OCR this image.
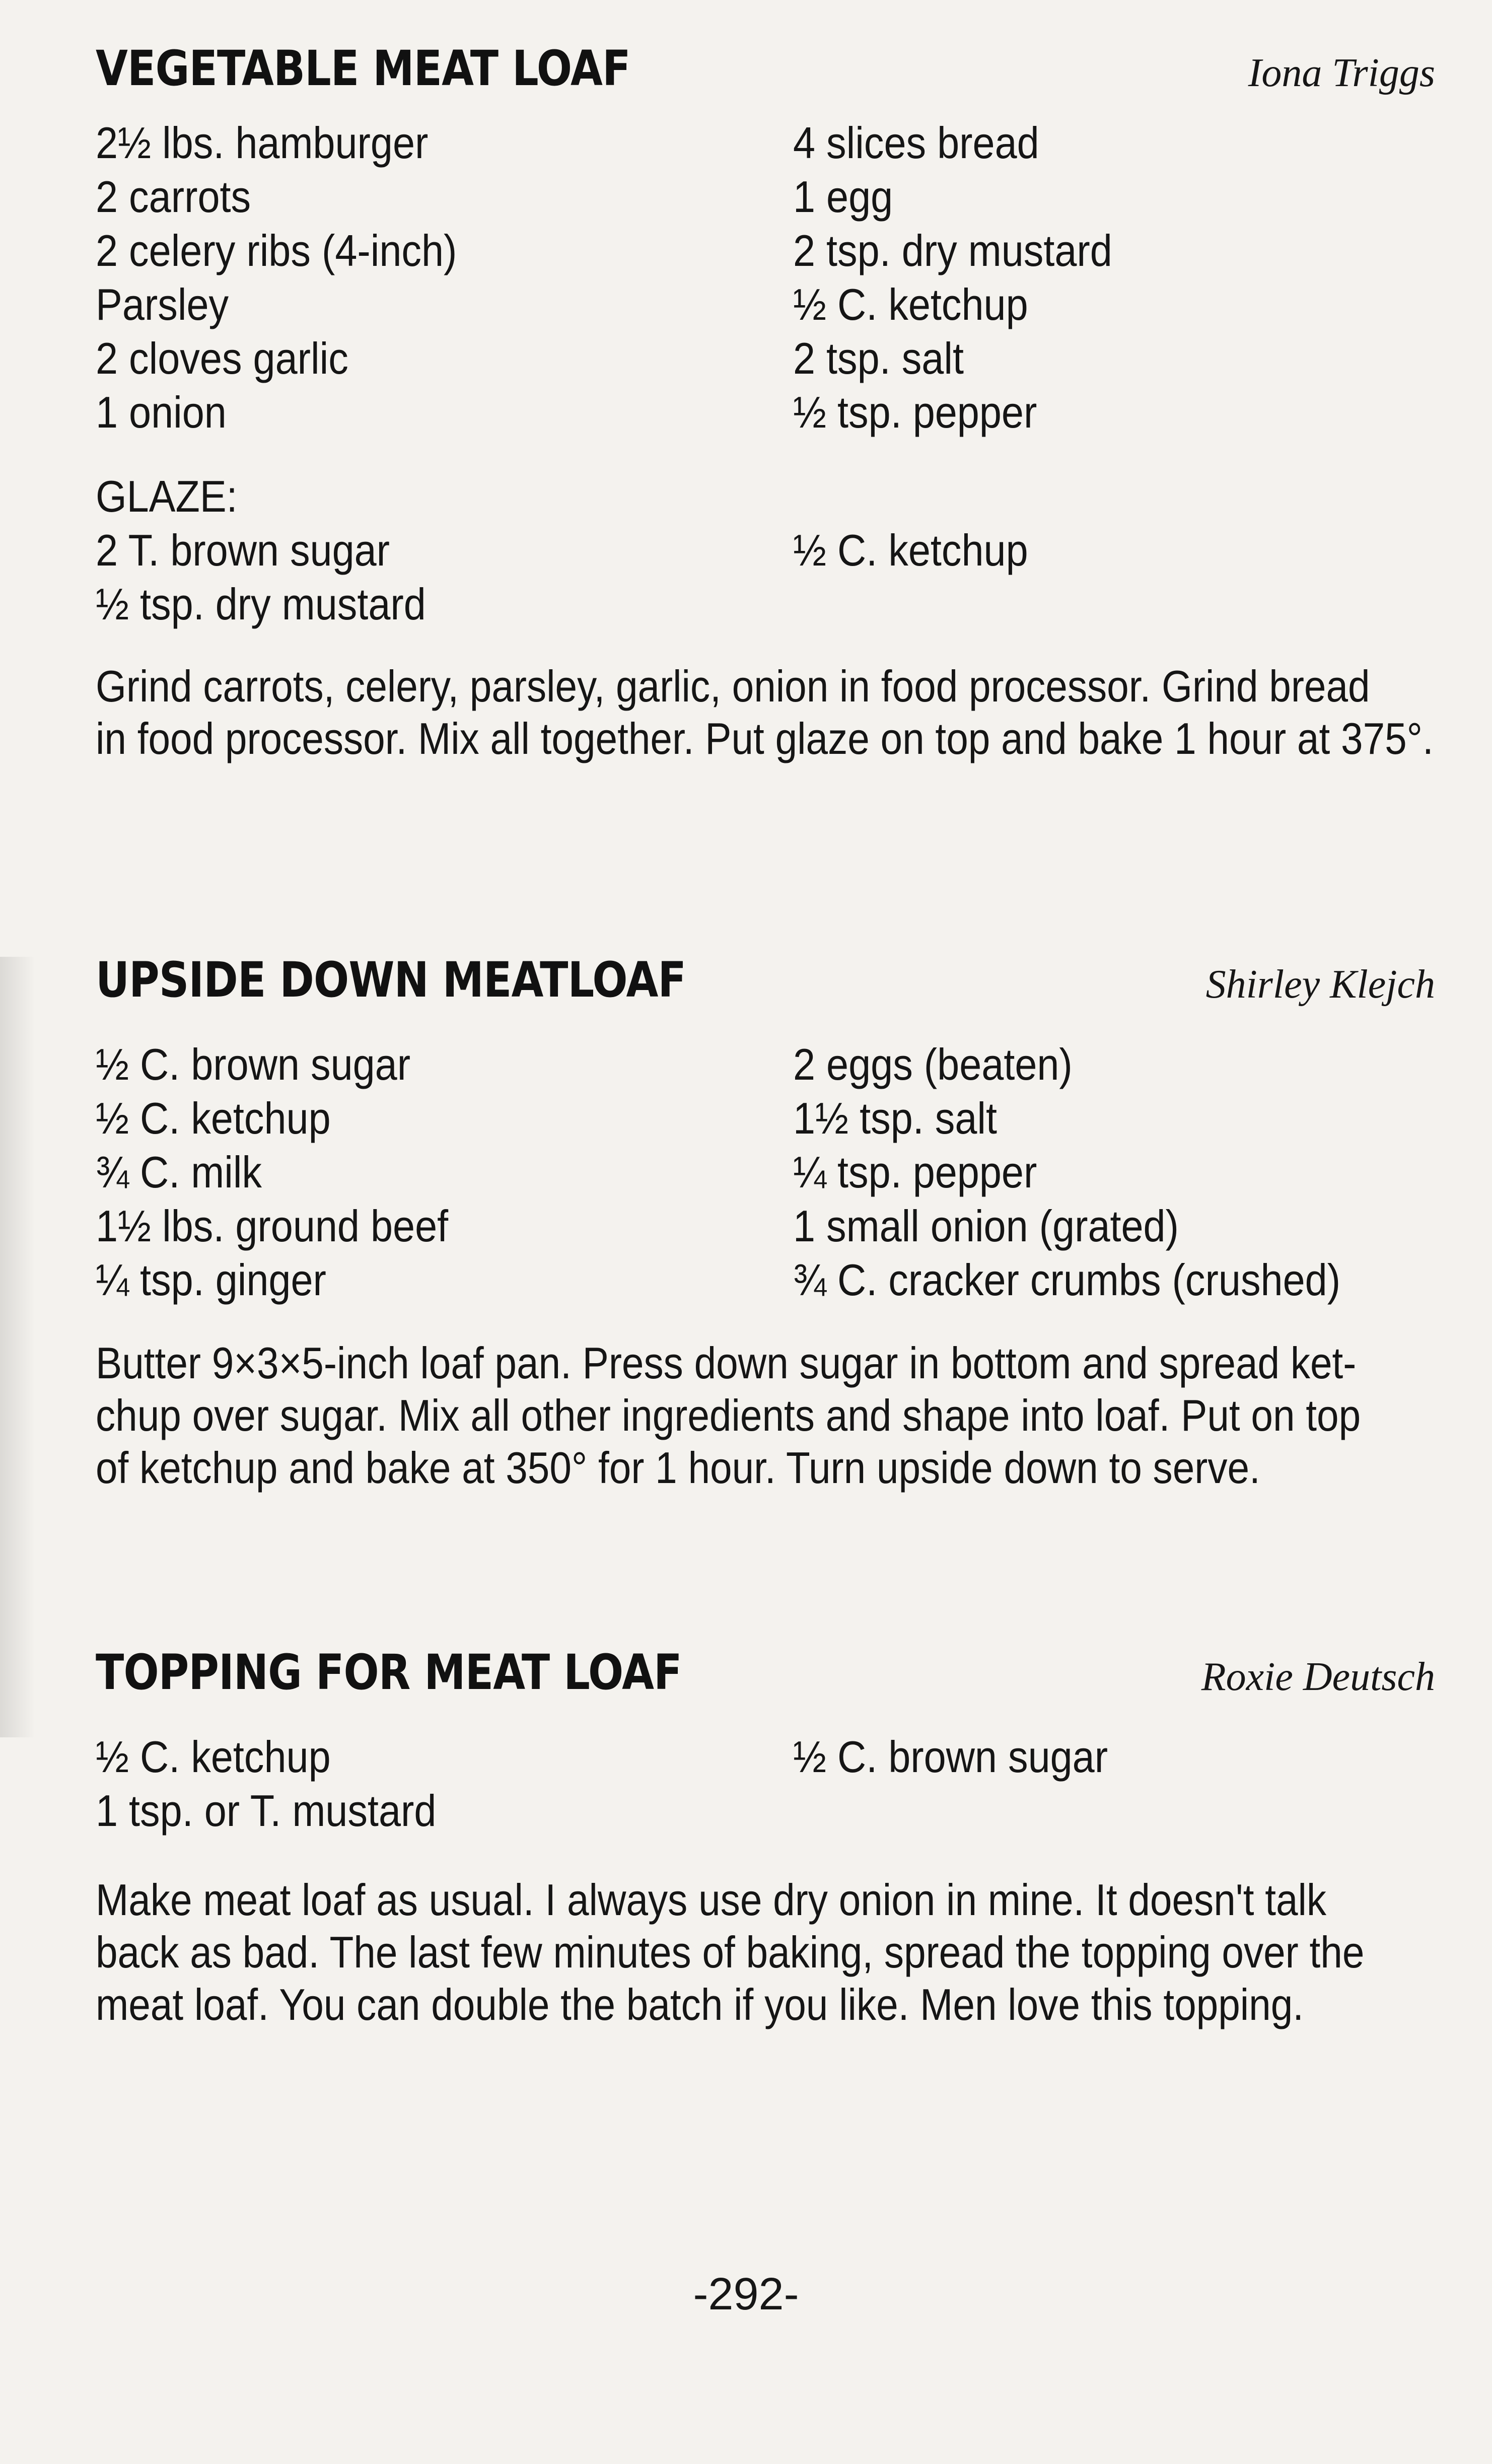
VEGETABLE MEAT LOAF	Iona Triggs
2½ lbs. hamburger
2 carrots
2 celery ribs (4-inch)
Parsley
2 cloves garlic
1 onion
4 slices bread
1 egg
2 tsp. dry mustard
½ C. ketchup
2 tsp. salt
½ tsp. pepper
GLAZE:
2 T. brown sugar
½ tsp. dry mustard
½ C. ketchup
Grind carrots, celery, parsley, garlic, onion in food processor. Grind bread
in food processor. Mix all together. Put glaze on top and bake 1 hour at 375°.
UPSIDE DOWN MEATLOAF	Shirley Klejch
½ C. brown sugar
½ C. ketchup
¾ C. milk
1½ lbs. ground beef
¼ tsp. ginger
2 eggs (beaten)
1½ tsp. salt
¼ tsp. pepper
1 small onion (grated)
¾ C. cracker crumbs (crushed)
Butter 9×3×5-inch loaf pan. Press down sugar in bottom and spread ket-
chup over sugar. Mix all other ingredients and shape into loaf. Put on top
of ketchup and bake at 350° for 1 hour. Turn upside down to serve.
TOPPING FOR MEAT LOAF	Roxie Deutsch
½ C. ketchup
1 tsp. or T. mustard
½ C. brown sugar
Make meat loaf as usual. I always use dry onion in mine. It doesn't talk
back as bad. The last few minutes of baking, spread the topping over the
meat loaf. You can double the batch if you like. Men love this topping.
-292-
